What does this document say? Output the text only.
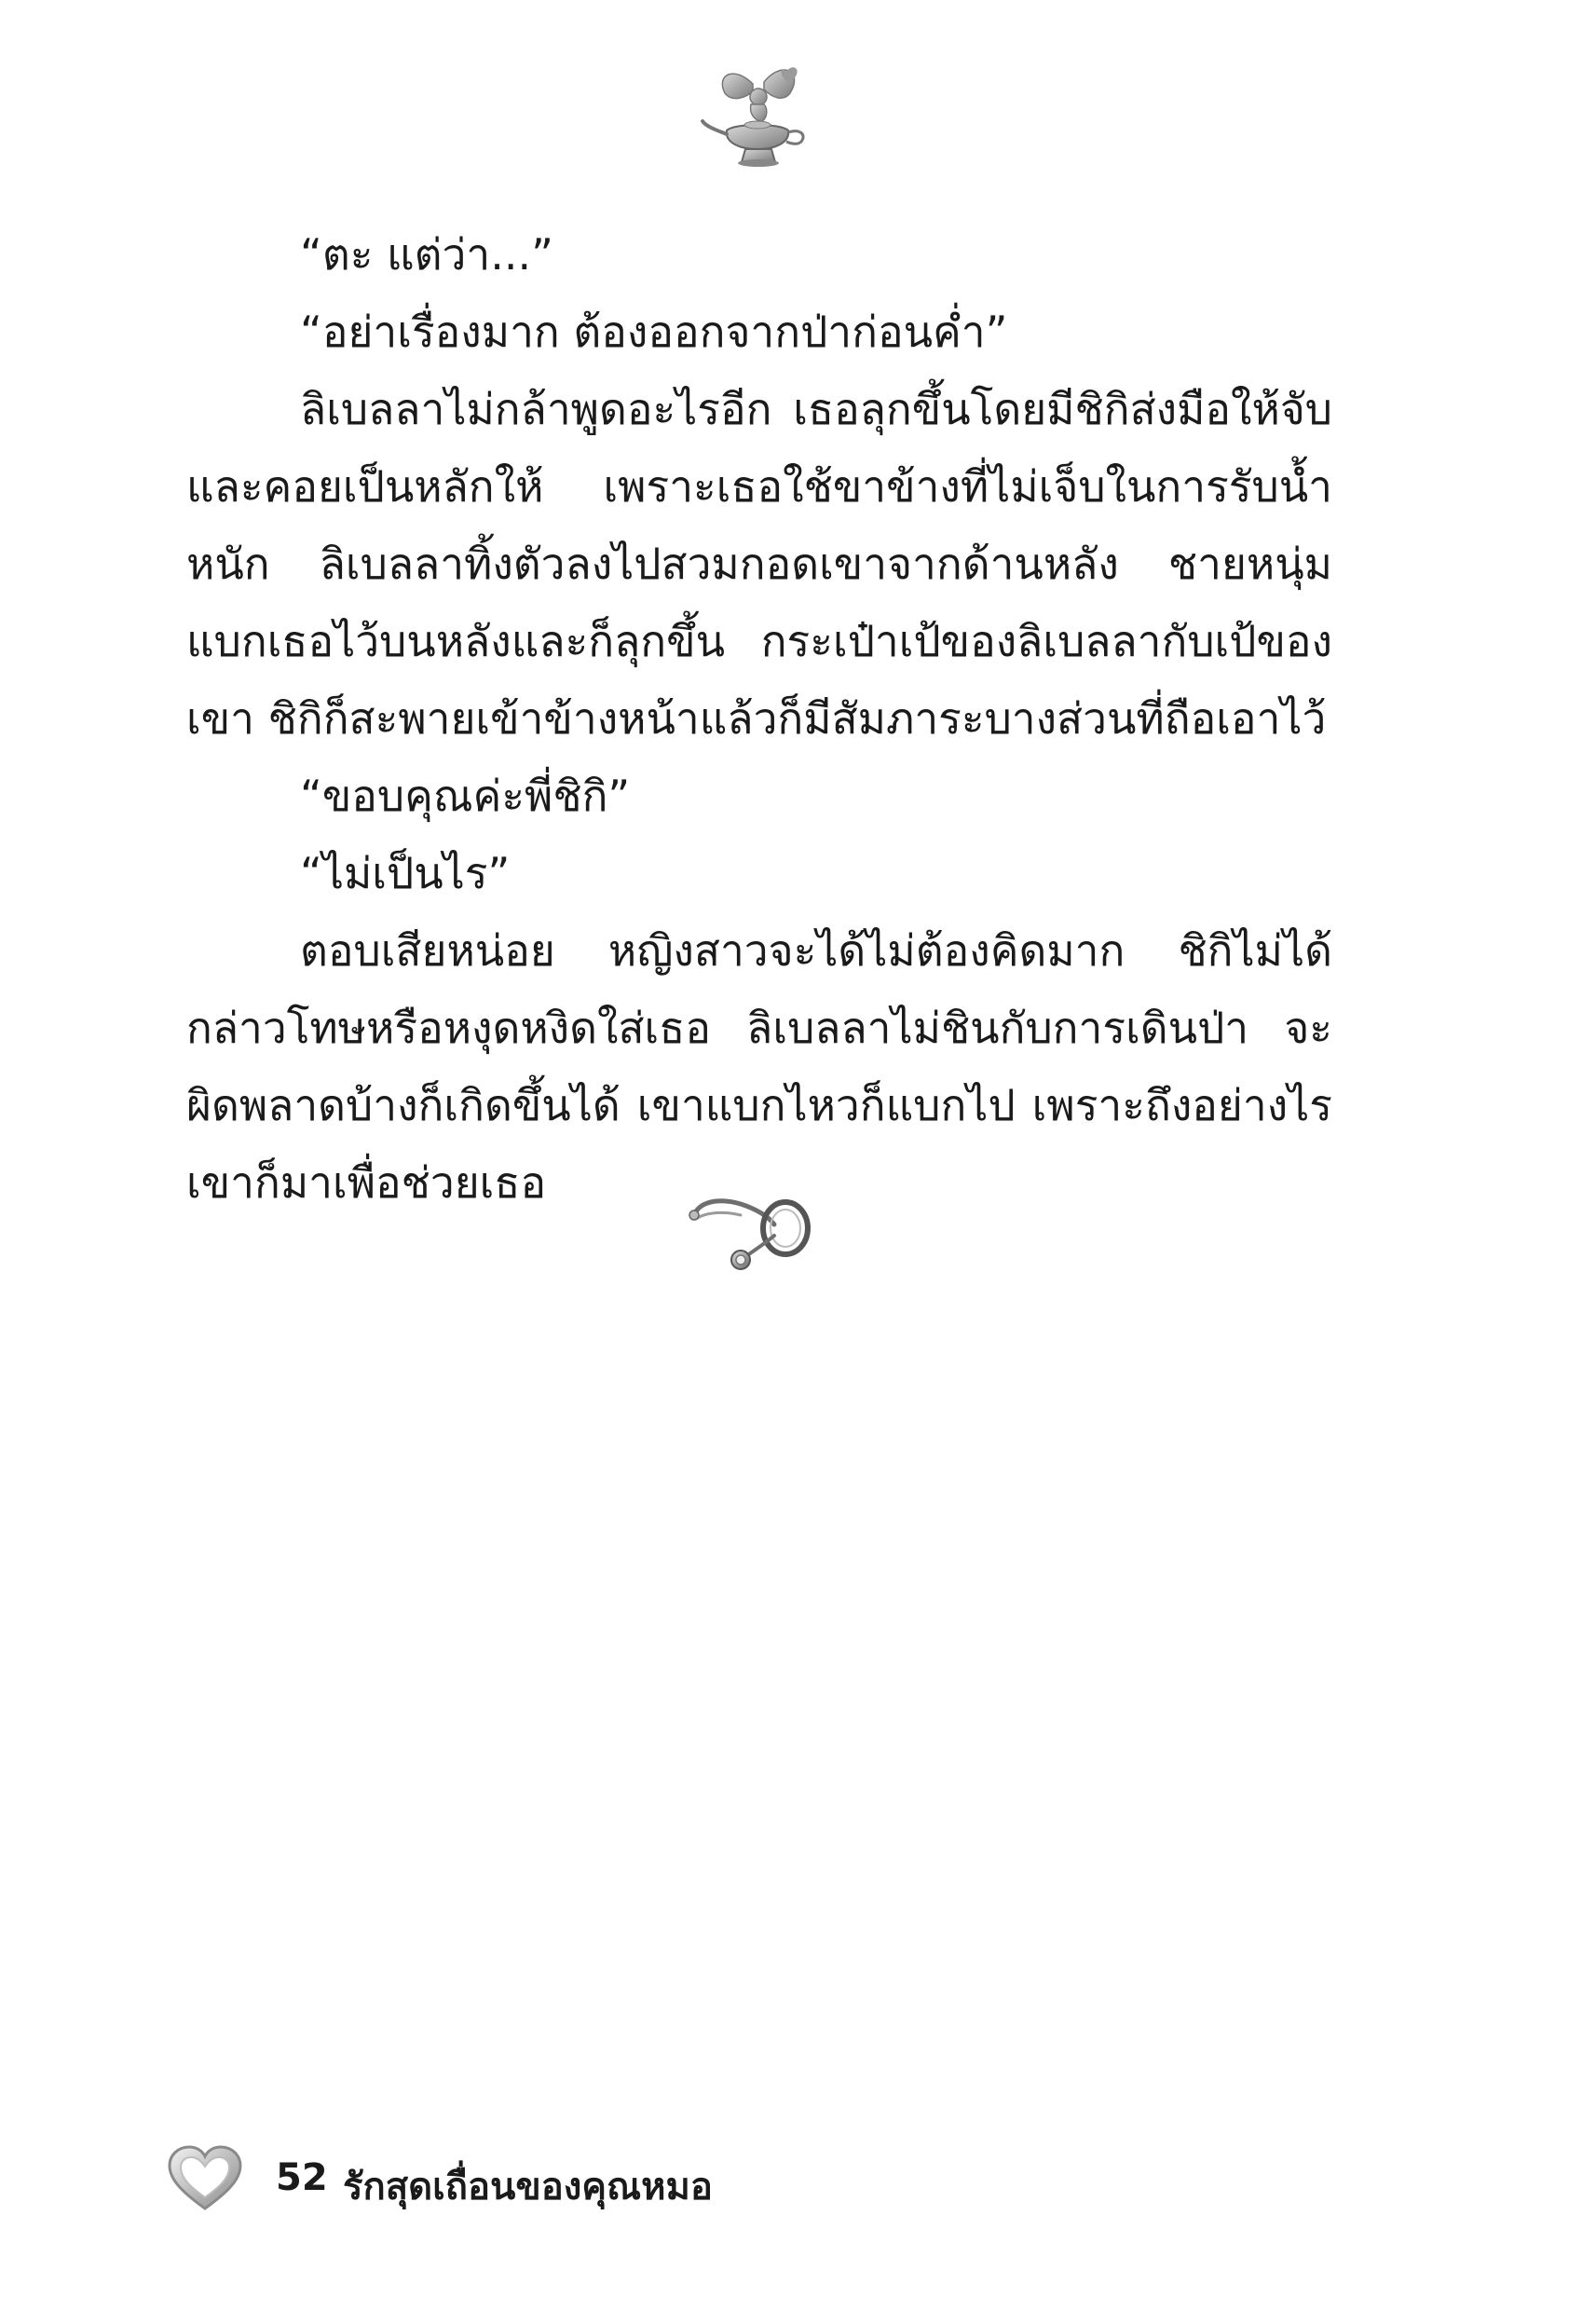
“ตะ แต่ว่า...”

“อย่าเรื่องมาก ต้องออกจากป่าก่อนค่ำ”

ลิเบลลาไม่กล้าพูดอะไรอีก เธอลุกขึ้นโดยมีชิกิส่งมือให้จับและคอยเป็นหลักให้ เพราะเธอใช้ขาข้างที่ไม่เจ็บในการรับน้ำหนัก ลิเบลลาทิ้งตัวลงไปสวมกอดเขาจากด้านหลัง ชายหนุ่มแบกเธอไว้บนหลังและก็ลุกขึ้น กระเป๋าเป้ของลิเบลลากับเป้ของเขา ชิกิก็สะพายเข้าข้างหน้าแล้วก็มีสัมภาระบางส่วนที่ถือเอาไว้

“ขอบคุณค่ะพี่ชิกิ”

“ไม่เป็นไร”

ตอบเสียหน่อย หญิงสาวจะได้ไม่ต้องคิดมาก ชิกิไม่ได้กล่าวโทษหรือหงุดหงิดใส่เธอ ลิเบลลาไม่ชินกับการเดินป่า จะผิดพลาดบ้างก็เกิดขึ้นได้ เขาแบกไหวก็แบกไป เพราะถึงอย่างไรเขาก็มาเพื่อช่วยเธอ

52 รักสุดเถื่อนของคุณหมอ
